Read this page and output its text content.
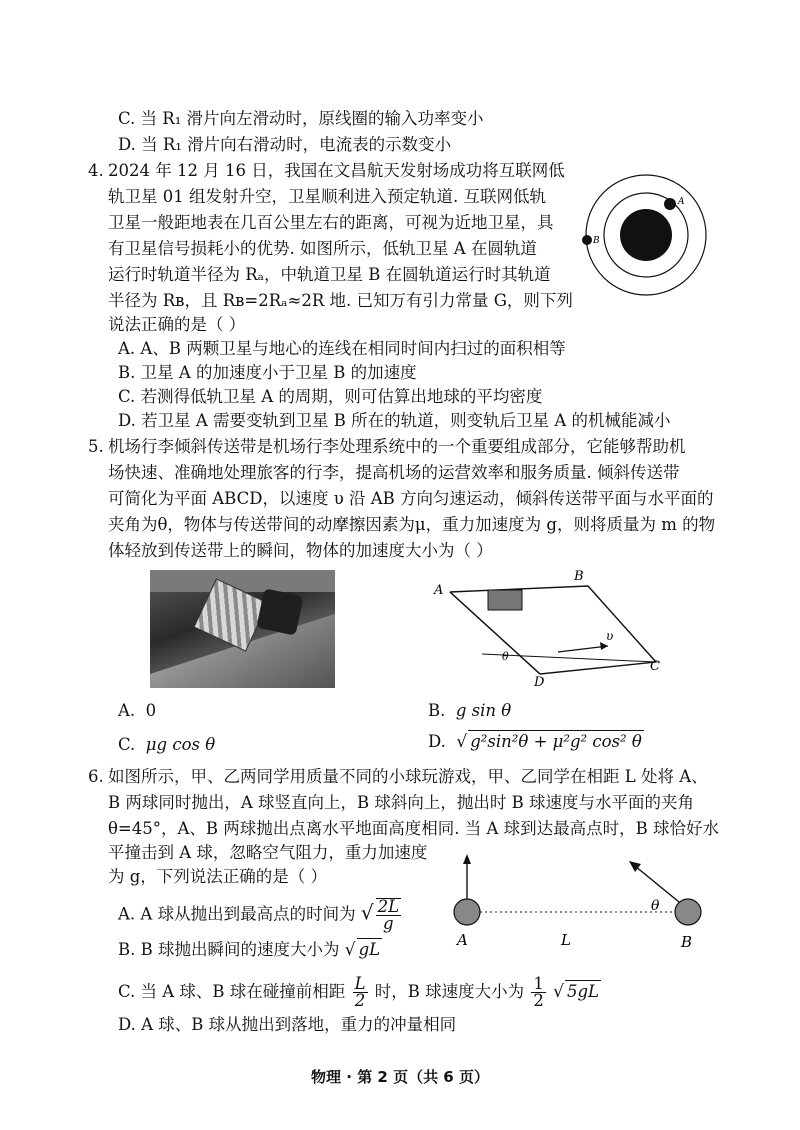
C. 当 R₁ 滑片向左滑动时，原线圈的输入功率变小
D. 当 R₁ 滑片向右滑动时，电流表的示数变小
4. 2024 年 12 月 16 日，我国在文昌航天发射场成功将互联网低
轨卫星 01 组发射升空，卫星顺利进入预定轨道. 互联网低轨
卫星一般距地表在几百公里左右的距离，可视为近地卫星，具
有卫星信号损耗小的优势. 如图所示，低轨卫星 A 在圆轨道
运行时轨道半径为 Rₐ，中轨道卫星 B 在圆轨道运行时其轨道
半径为 Rʙ，且 Rʙ=2Rₐ≈2R 地. 已知万有引力常量 G，则下列
说法正确的是（ ）
A
B
A. A、B 两颗卫星与地心的连线在相同时间内扫过的面积相等
B. 卫星 A 的加速度小于卫星 B 的加速度
C. 若测得低轨卫星 A 的周期，则可估算出地球的平均密度
D. 若卫星 A 需要变轨到卫星 B 所在的轨道，则变轨后卫星 A 的机械能减小
5. 机场行李倾斜传送带是机场行李处理系统中的一个重要组成部分，它能够帮助机
场快速、准确地处理旅客的行李，提高机场的运营效率和服务质量. 倾斜传送带
可简化为平面 ABCD，以速度 υ 沿 AB 方向匀速运动，倾斜传送带平面与水平面的
夹角为θ，物体与传送带间的动摩擦因素为μ，重力加速度为 g，则将质量为 m 的物
体轻放到传送带上的瞬间，物体的加速度大小为（ ）
A
B
C
D
υ
θ
A. 0	B. g sin θ
C. μg cos θ	D. √ g²sin²θ + μ²g² cos² θ
6. 如图所示，甲、乙两同学用质量不同的小球玩游戏，甲、乙同学在相距 L 处将 A、
B 两球同时抛出，A 球竖直向上，B 球斜向上，抛出时 B 球速度与水平面的夹角
θ=45°，A、B 两球抛出点离水平地面高度相同. 当 A 球到达最高点时，B 球恰好水
平撞击到 A 球，忽略空气阻力，重力加速度
为 g，下列说法正确的是（ ）
θ
A	L	B
A. A 球从抛出到最高点的时间为 √ $\frac{2L}{g}$
B. B 球抛出瞬间的速度大小为 √ gL
C. 当 A 球、B 球在碰撞前相距 $\frac{L}{2}$ 时，B 球速度大小为 $\frac{1}{2}$ √ 5gL
D. A 球、B 球从抛出到落地，重力的冲量相同
物理 · 第 2 页（共 6 页）
